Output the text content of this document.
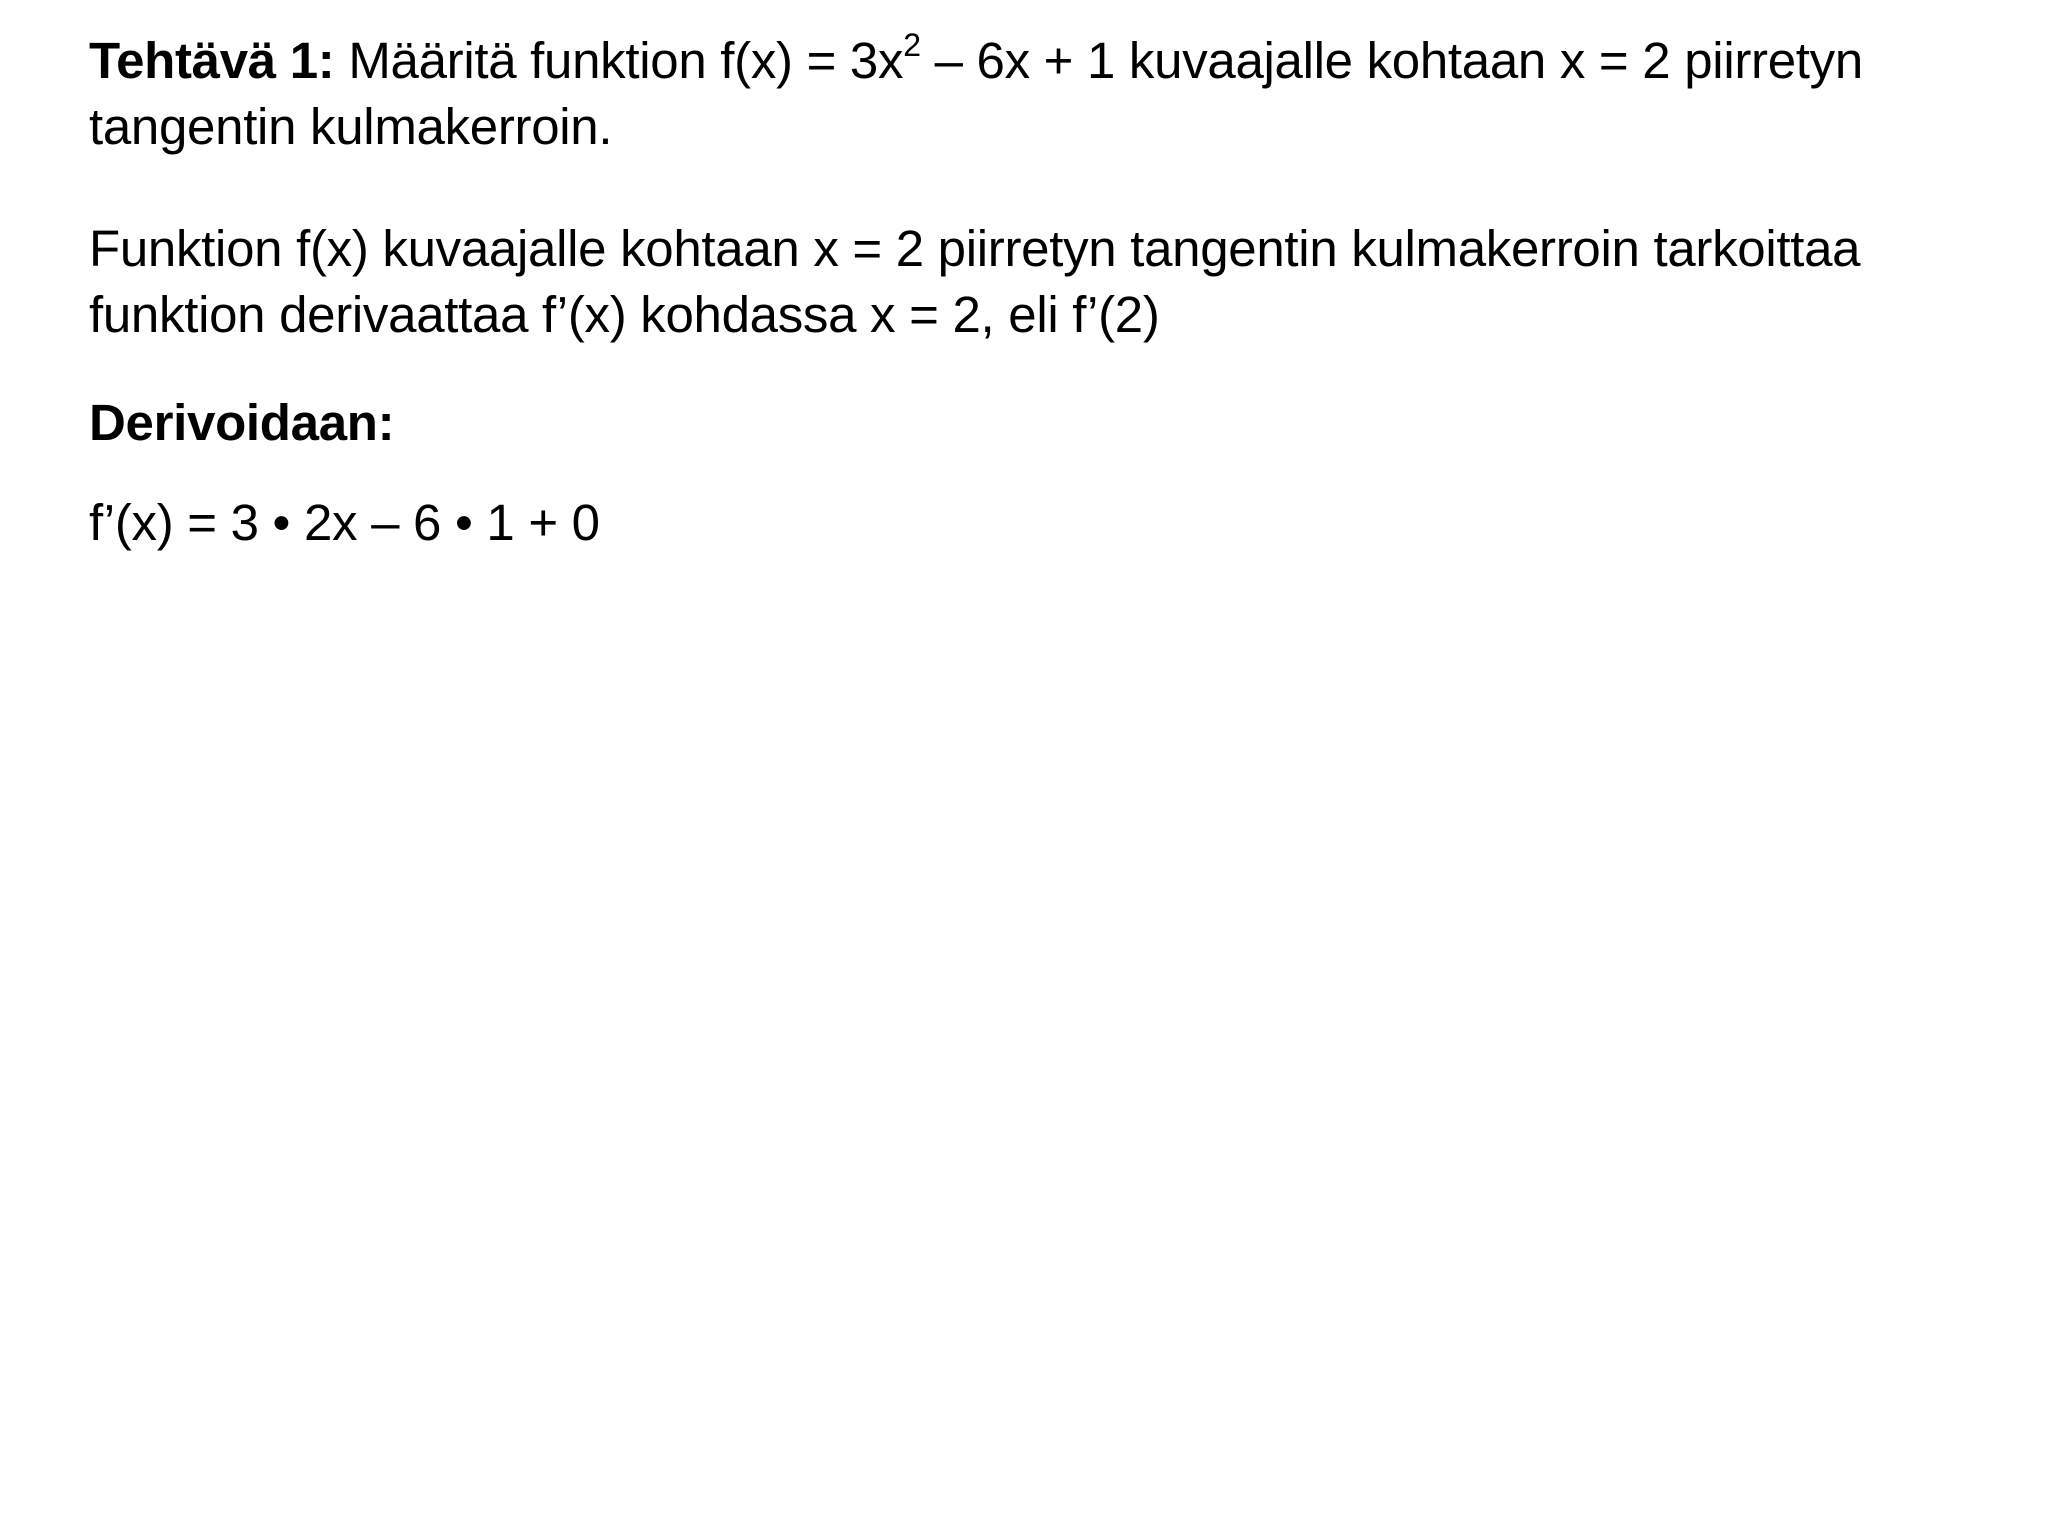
Tehtävä 1: Määritä funktion $f(x) = 3x^2 - 6x + 1$ kuvaajalle kohtaan x = 2 piirretyn tangentin kulmakerroin.
Funktion f(x) kuvaajalle kohtaan x = 2 piirretyn tangentin kulmakerroin tarkoittaa funktion derivaattaa f’(x) kohdassa x = 2, eli f’(2)
Derivoidaan:
f’(x) = 3 • 2x – 6 • 1 + 0
